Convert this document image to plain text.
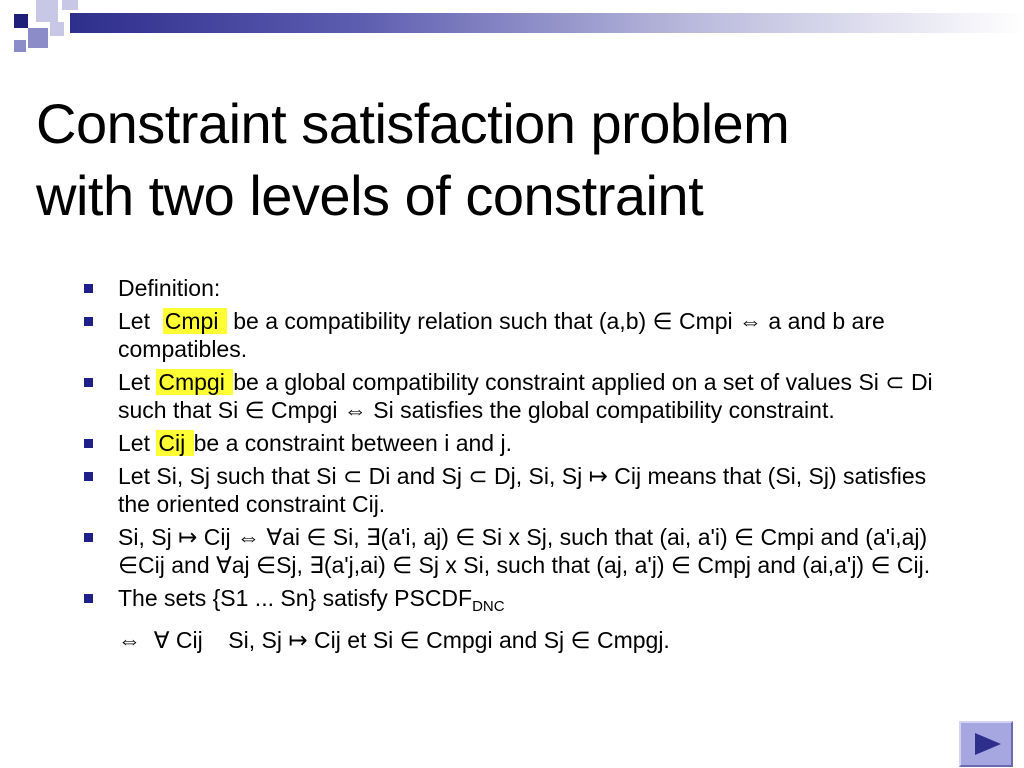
Constraint satisfaction problem
with two levels of constraint
Definition:
Let  Cmpi  be a compatibility relation such that (a,b) ∈ Cmpi ⇔ a and b are compatibles.
Let Cmpgi be a global compatibility constraint applied on a set of values Si ⊂ Di such that Si ∈ Cmpgi ⇔ Si satisfies the global compatibility constraint.
Let Cij be a constraint between i and j.
Let Si, Sj such that Si ⊂ Di and Sj ⊂ Dj, Si, Sj ↦ Cij means that (Si, Sj) satisfies the oriented constraint Cij.
Si, Sj ↦ Cij ⇔ ∀ai ∈ Si, ∃(a'i, aj) ∈ Si x Sj, such that (ai, a'i) ∈ Cmpi and (a'i,aj) ∈Cij and ∀aj ∈Sj, ∃(a'j,ai) ∈ Sj x Si, such that (aj, a'j) ∈ Cmpj and (ai,a'j) ∈ Cij.
The sets {S1 ... Sn} satisfy $PSCDF_{DNC}$
⇔  ∀ Cij    Si, Sj ↦ Cij et Si ∈ Cmpgi and Sj ∈ Cmpgj.
